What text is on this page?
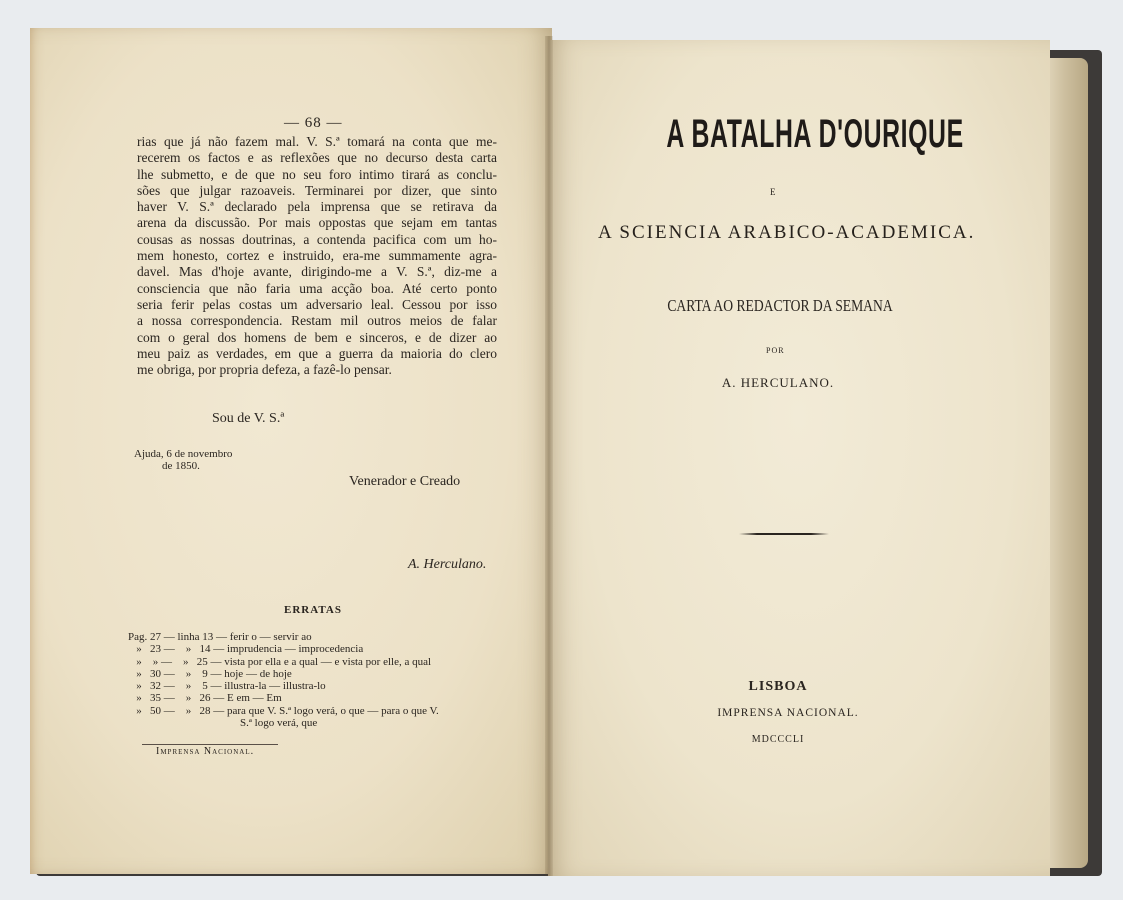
— 68 —
rias que já não fazem mal. V. S.ª tomará na conta que me-
recerem os factos e as reflexões que no decurso desta carta
lhe submetto, e de que no seu foro intimo tirará as conclu-
sões que julgar razoaveis. Terminarei por dizer, que sinto
haver V. S.ª declarado pela imprensa que se retirava da
arena da discussão. Por mais oppostas que sejam em tantas
cousas as nossas doutrinas, a contenda pacifica com um ho-
mem honesto, cortez e instruido, era-me summamente agra-
davel. Mas d'hoje avante, dirigindo-me a V. S.ª, diz-me a
consciencia que não faria uma acção boa. Até certo ponto
seria ferir pelas costas um adversario leal. Cessou por isso
a nossa correspondencia. Restam mil outros meios de falar
com o geral dos homens de bem e sinceros, e de dizer ao
meu paiz as verdades, em que a guerra da maioria do clero
me obriga, por propria defeza, a fazê-lo pensar.
Sou de V. S.ª
Ajuda, 6 de novembro
de 1850.
Venerador e Creado
A. Herculano.
ERRATAS
Pag. 27 — linha 13 — ferir o — servir ao
»   23 —    »   14 — imprudencia — improcedencia
»    » —    »   25 — vista por ella e a qual — e vista por elle, a qual
»   30 —    »    9 — hoje — de hoje
»   32 —    »    5 — illustra-la — illustra-lo
»   35 —    »   26 — E em — Em
»   50 —    »   28 — para que V. S.ª logo verá, o que — para o que V.
S.ª logo verá, que
Imprensa Nacional.
A BATALHA D'OURIQUE
E
A SCIENCIA ARABICO-ACADEMICA.
CARTA AO REDACTOR DA SEMANA
POR
A. HERCULANO.
LISBOA
IMPRENSA NACIONAL.
MDCCCLI
